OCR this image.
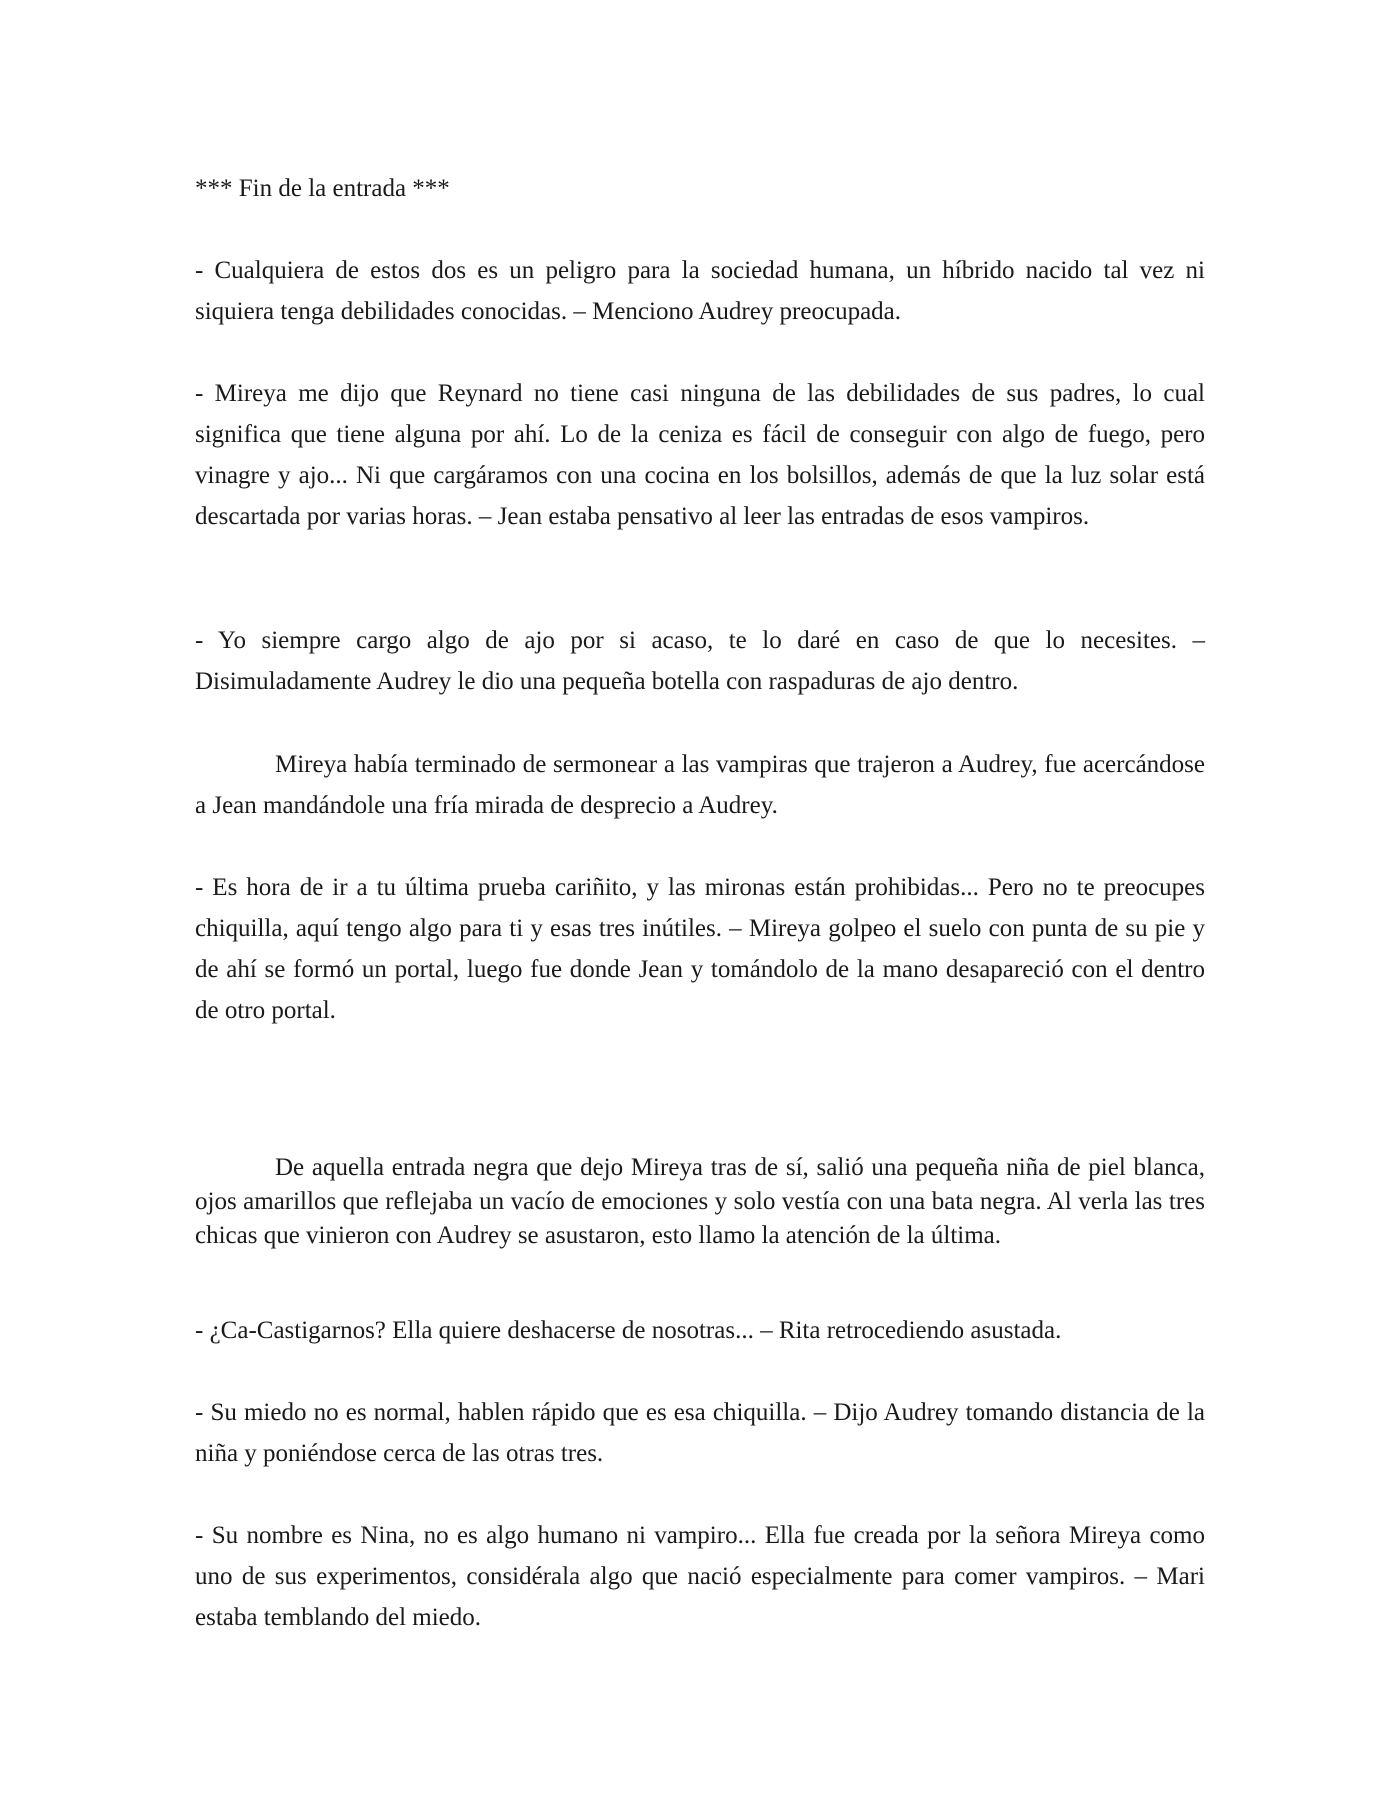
*** Fin de la entrada ***

- Cualquiera de estos dos es un peligro para la sociedad humana, un híbrido nacido tal vez ni siquiera tenga debilidades conocidas. – Menciono Audrey preocupada.

- Mireya me dijo que Reynard no tiene casi ninguna de las debilidades de sus padres, lo cual significa que tiene alguna por ahí. Lo de la ceniza es fácil de conseguir con algo de fuego, pero vinagre y ajo... Ni que cargáramos con una cocina en los bolsillos, además de que la luz solar está descartada por varias horas. – Jean estaba pensativo al leer las entradas de esos vampiros.

- Yo siempre cargo algo de ajo por si acaso, te lo daré en caso de que lo necesites. – Disimuladamente Audrey le dio una pequeña botella con raspaduras de ajo dentro.

Mireya había terminado de sermonear a las vampiras que trajeron a Audrey, fue acercándose a Jean mandándole una fría mirada de desprecio a Audrey.

- Es hora de ir a tu última prueba cariñito, y las mironas están prohibidas... Pero no te preocupes chiquilla, aquí tengo algo para ti y esas tres inútiles. – Mireya golpeo el suelo con punta de su pie y de ahí se formó un portal, luego fue donde Jean y tomándolo de la mano desapareció con el dentro de otro portal.

De aquella entrada negra que dejo Mireya tras de sí, salió una pequeña niña de piel blanca, ojos amarillos que reflejaba un vacío de emociones y solo vestía con una bata negra. Al verla las tres chicas que vinieron con Audrey se asustaron, esto llamo la atención de la última.

- ¿Ca-Castigarnos? Ella quiere deshacerse de nosotras... – Rita retrocediendo asustada.

- Su miedo no es normal, hablen rápido que es esa chiquilla. – Dijo Audrey tomando distancia de la niña y poniéndose cerca de las otras tres.

- Su nombre es Nina, no es algo humano ni vampiro... Ella fue creada por la señora Mireya como uno de sus experimentos, considérala algo que nació especialmente para comer vampiros. – Mari estaba temblando del miedo.
